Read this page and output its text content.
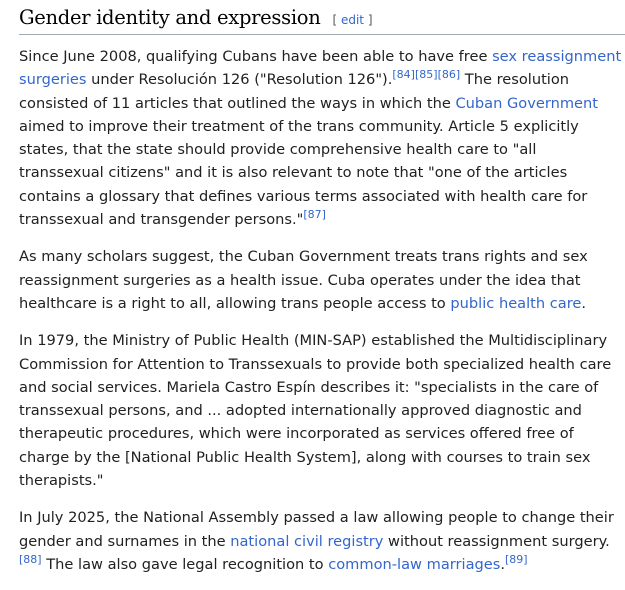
Gender identity and expression [ edit ]

Since June 2008, qualifying Cubans have been able to have free sex reassignment surgeries under Resolución 126 ("Resolution 126").[84][85][86] The resolution consisted of 11 articles that outlined the ways in which the Cuban Government aimed to improve their treatment of the trans community. Article 5 explicitly states, that the state should provide comprehensive health care to "all transsexual citizens" and it is also relevant to note that "one of the articles contains a glossary that defines various terms associated with health care for transsexual and transgender persons."[87]

As many scholars suggest, the Cuban Government treats trans rights and sex reassignment surgeries as a health issue. Cuba operates under the idea that healthcare is a right to all, allowing trans people access to public health care.

In 1979, the Ministry of Public Health (MIN-SAP) established the Multidisciplinary Commission for Attention to Transsexuals to provide both specialized health care and social services. Mariela Castro Espín describes it: "specialists in the care of transsexual persons, and ... adopted internationally approved diagnostic and therapeutic procedures, which were incorporated as services offered free of charge by the [National Public Health System], along with courses to train sex therapists."

In July 2025, the National Assembly passed a law allowing people to change their gender and surnames in the national civil registry without reassignment surgery.[88] The law also gave legal recognition to common-law marriages.[89]
